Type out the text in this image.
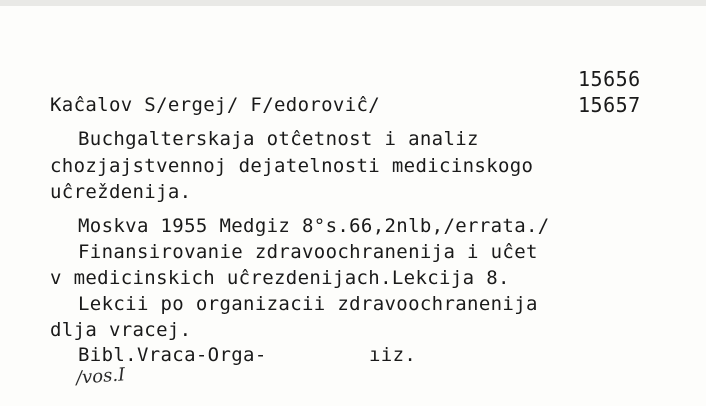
15656
15657
Kaĉalov S/ergej/ F/edoroviĉ/
Buchgalterskaja otĉetnost i analiz
chozjajstvennoj dejatelnosti medicinskogo
uĉreždenija.
Moskva 1955 Medgiz 8°s.66,2nlb,/errata./
Finansirovanie zdravoochranenija i uĉet
v medicinskich uĉrezdenijach.Lekcija 8.
Lekcii po organizacii zdravoochranenija
dlja vracej.
Bibl.Vraca-Orga-	ıiz.
/vos.I
